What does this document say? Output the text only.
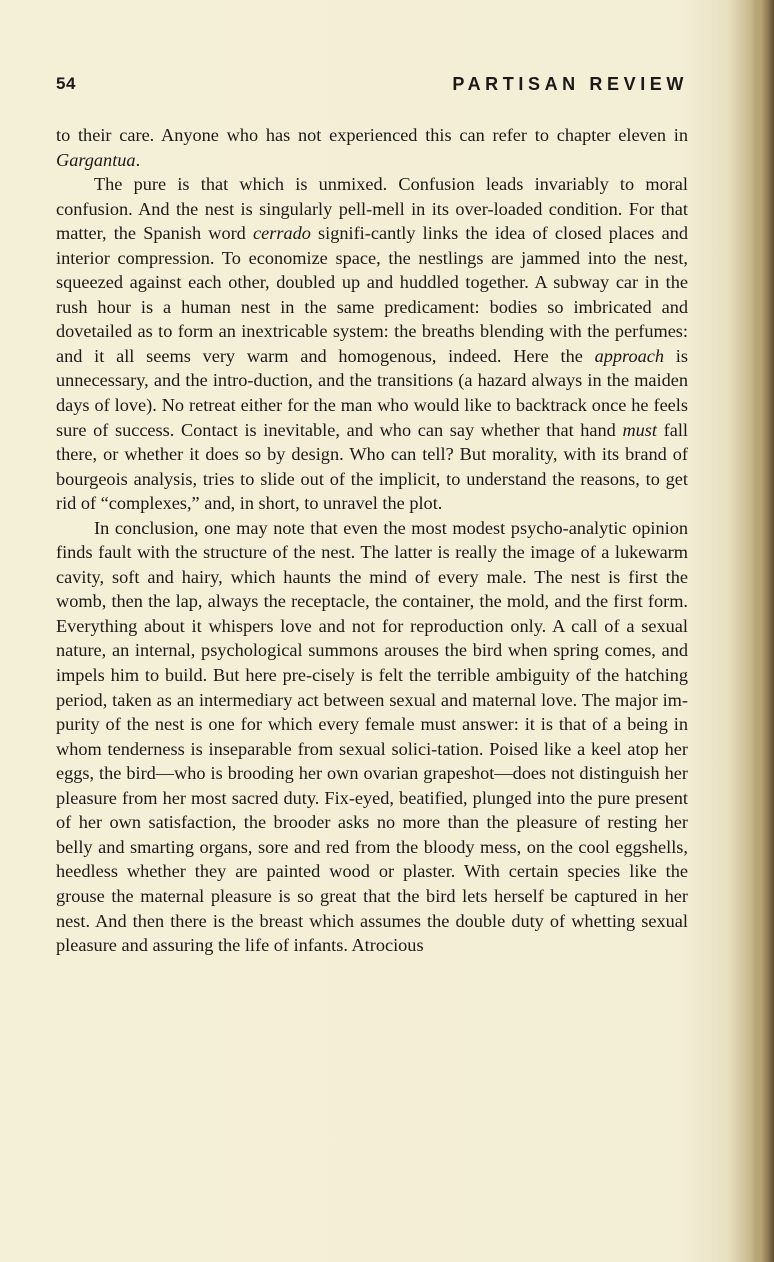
54	PARTISAN REVIEW

to their care. Anyone who has not experienced this can refer to chapter eleven in Gargantua.

The pure is that which is unmixed. Confusion leads invariably to moral confusion. And the nest is singularly pell-mell in its over-loaded condition. For that matter, the Spanish word cerrado signifi-cantly links the idea of closed places and interior compression. To economize space, the nestlings are jammed into the nest, squeezed against each other, doubled up and huddled together. A subway car in the rush hour is a human nest in the same predicament: bodies so imbricated and dovetailed as to form an inextricable system: the breaths blending with the perfumes: and it all seems very warm and homogenous, indeed. Here the approach is unnecessary, and the intro-duction, and the transitions (a hazard always in the maiden days of love). No retreat either for the man who would like to backtrack once he feels sure of success. Contact is inevitable, and who can say whether that hand must fall there, or whether it does so by design. Who can tell? But morality, with its brand of bourgeois analysis, tries to slide out of the implicit, to understand the reasons, to get rid of “complexes,” and, in short, to unravel the plot.

In conclusion, one may note that even the most modest psycho-analytic opinion finds fault with the structure of the nest. The latter is really the image of a lukewarm cavity, soft and hairy, which haunts the mind of every male. The nest is first the womb, then the lap, always the receptacle, the container, the mold, and the first form. Everything about it whispers love and not for reproduction only. A call of a sexual nature, an internal, psychological summons arouses the bird when spring comes, and impels him to build. But here pre-cisely is felt the terrible ambiguity of the hatching period, taken as an intermediary act between sexual and maternal love. The major im-purity of the nest is one for which every female must answer: it is that of a being in whom tenderness is inseparable from sexual solici-tation. Poised like a keel atop her eggs, the bird—who is brooding her own ovarian grapeshot—does not distinguish her pleasure from her most sacred duty. Fix-eyed, beatified, plunged into the pure present of her own satisfaction, the brooder asks no more than the pleasure of resting her belly and smarting organs, sore and red from the bloody mess, on the cool eggshells, heedless whether they are painted wood or plaster. With certain species like the grouse the maternal pleasure is so great that the bird lets herself be captured in her nest. And then there is the breast which assumes the double duty of whetting sexual pleasure and assuring the life of infants. Atrocious
